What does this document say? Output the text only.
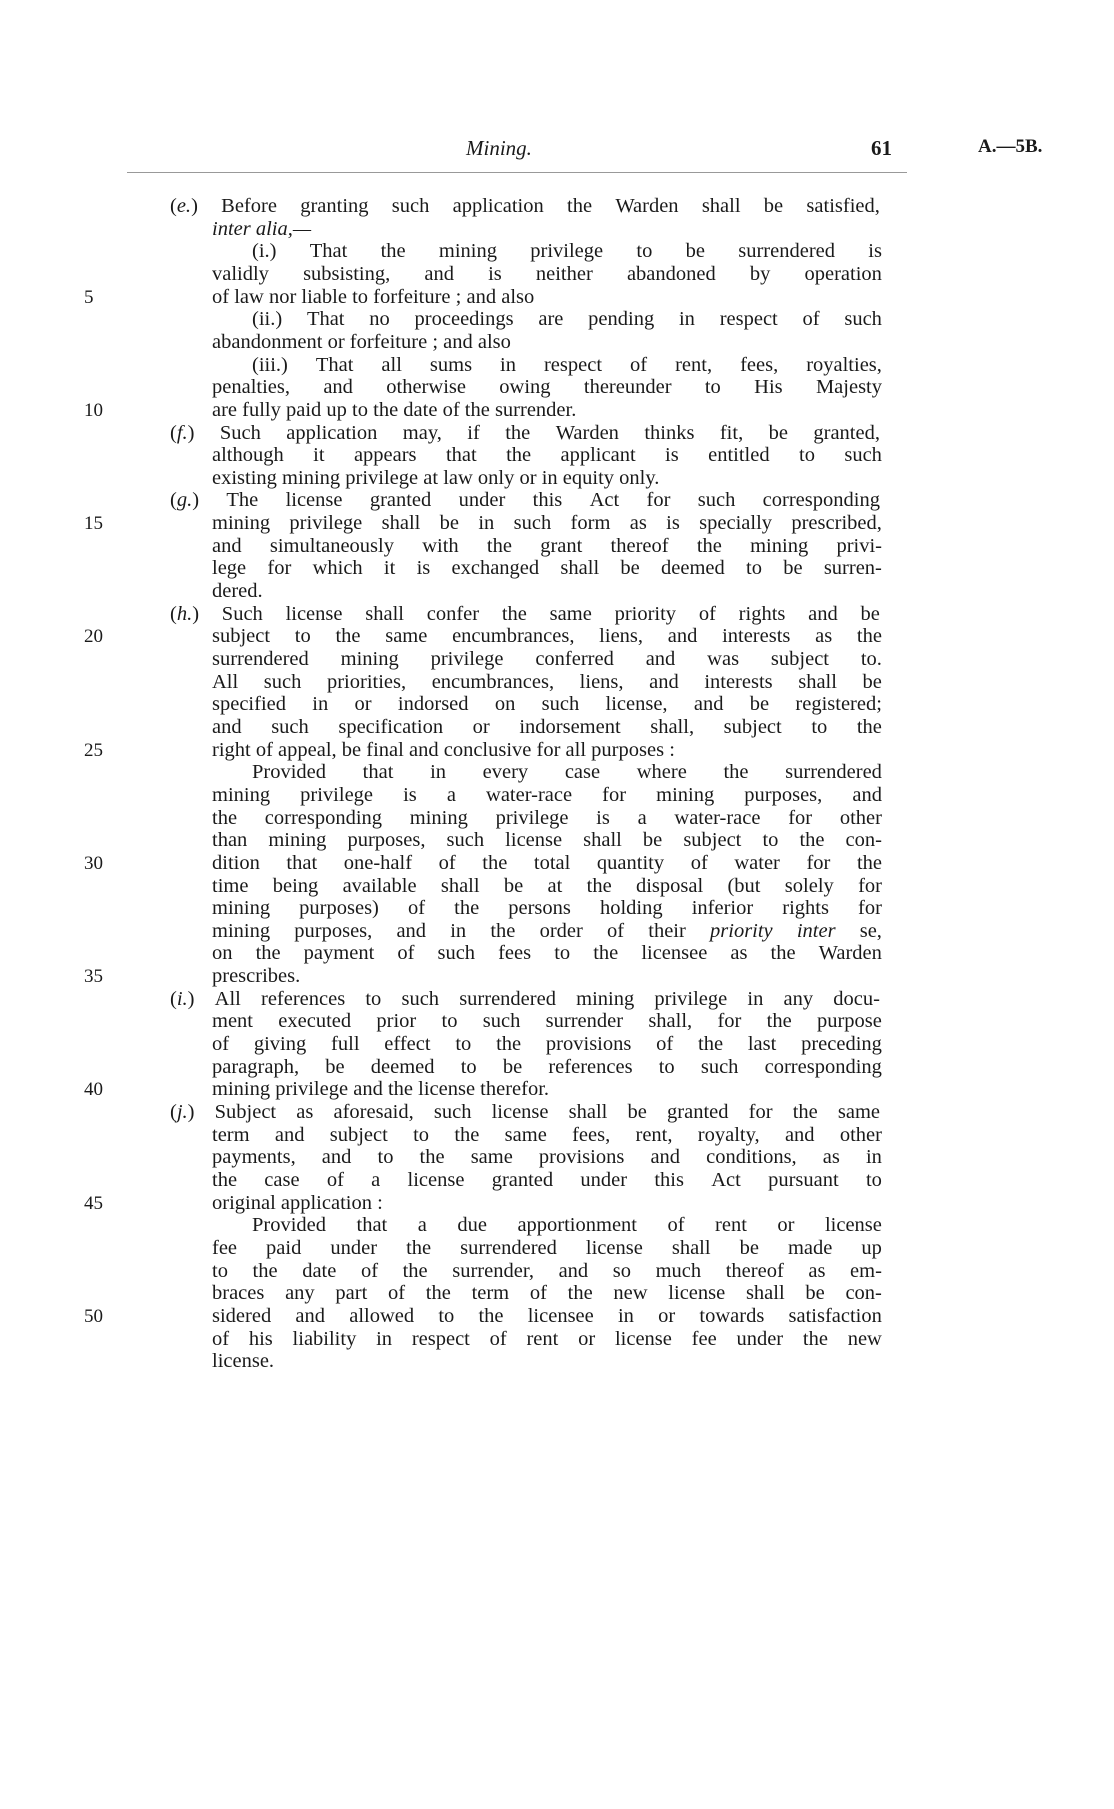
Mining.	61	A.—5B.
5
10
15
20
25
30
35
40
45
50
(e.) Before granting such application the Warden shall be satisfied,
inter alia,—
(i.) That the mining privilege to be surrendered is
validly subsisting, and is neither abandoned by operation
of law nor liable to forfeiture ; and also
(ii.) That no proceedings are pending in respect of such
abandonment or forfeiture ; and also
(iii.) That all sums in respect of rent, fees, royalties,
penalties, and otherwise owing thereunder to His Majesty
are fully paid up to the date of the surrender.
(f.) Such application may, if the Warden thinks fit, be granted,
although it appears that the applicant is entitled to such
existing mining privilege at law only or in equity only.
(g.) The license granted under this Act for such corresponding
mining privilege shall be in such form as is specially prescribed,
and simultaneously with the grant thereof the mining privi-
lege for which it is exchanged shall be deemed to be surren-
dered.
(h.) Such license shall confer the same priority of rights and be
subject to the same encumbrances, liens, and interests as the
surrendered mining privilege conferred and was subject to.
All such priorities, encumbrances, liens, and interests shall be
specified in or indorsed on such license, and be registered;
and such specification or indorsement shall, subject to the
right of appeal, be final and conclusive for all purposes :
Provided that in every case where the surrendered
mining privilege is a water-race for mining purposes, and
the corresponding mining privilege is a water-race for other
than mining purposes, such license shall be subject to the con-
dition that one-half of the total quantity of water for the
time being available shall be at the disposal (but solely for
mining purposes) of the persons holding inferior rights for
mining purposes, and in the order of their priority inter se,
on the payment of such fees to the licensee as the Warden
prescribes.
(i.) All references to such surrendered mining privilege in any docu-
ment executed prior to such surrender shall, for the purpose
of giving full effect to the provisions of the last preceding
paragraph, be deemed to be references to such corresponding
mining privilege and the license therefor.
(j.) Subject as aforesaid, such license shall be granted for the same
term and subject to the same fees, rent, royalty, and other
payments, and to the same provisions and conditions, as in
the case of a license granted under this Act pursuant to
original application :
Provided that a due apportionment of rent or license
fee paid under the surrendered license shall be made up
to the date of the surrender, and so much thereof as em-
braces any part of the term of the new license shall be con-
sidered and allowed to the licensee in or towards satisfaction
of his liability in respect of rent or license fee under the new
license.
